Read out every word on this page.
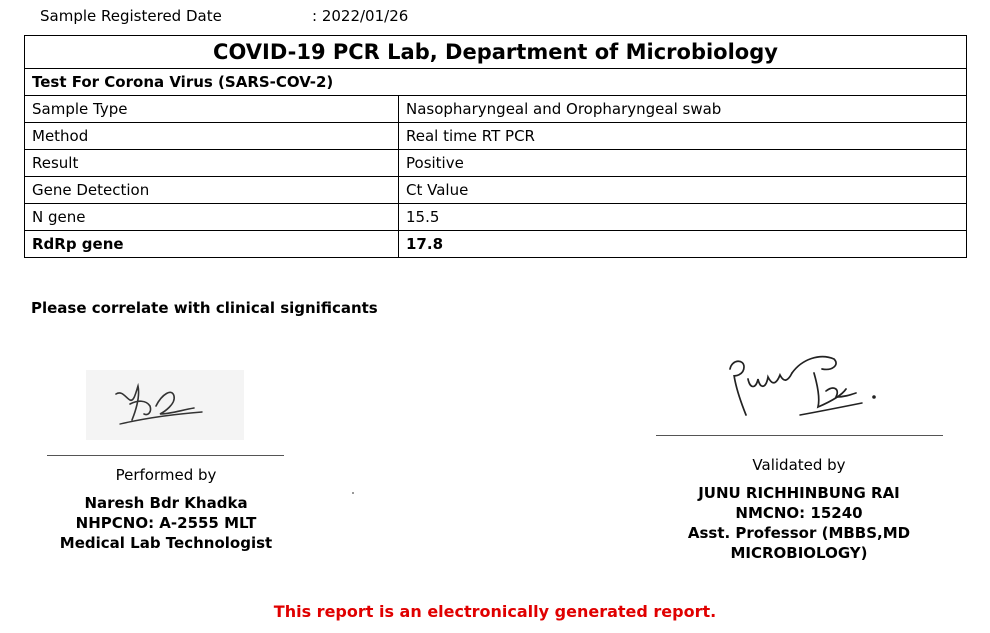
Sample Registered Date	: 2022/01/26
COVID-19 PCR Lab, Department of Microbiology	
Test For Corona Virus (SARS-COV-2)	
Sample Type	Nasopharyngeal and Oropharyngeal swab
Method	Real time RT PCR
Result	Positive
Gene Detection	Ct Value
N gene	15.5
RdRp gene	17.8
Please correlate with clinical significants
Performed by
Naresh Bdr Khadka
NHPCNO: A-2555 MLT
Medical Lab Technologist
Validated by
JUNU RICHHINBUNG RAI
NMCNO: 15240
Asst. Professor (MBBS,MD
MICROBIOLOGY)
This report is an electronically generated report.
